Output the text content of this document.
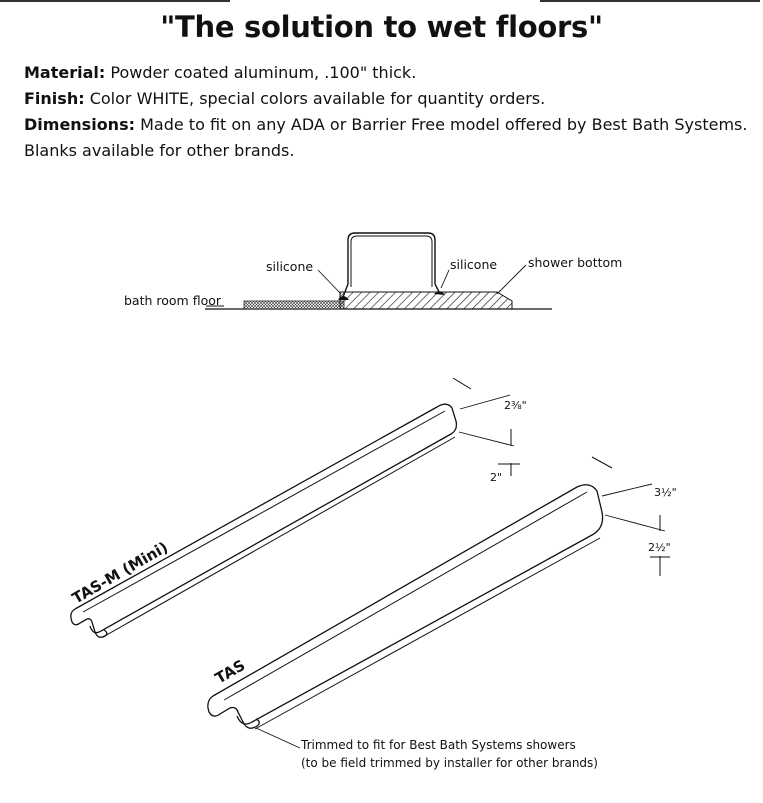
"The solution to wet floors"
Material: Powder coated aluminum, .100" thick.
Finish: Color WHITE, special colors available for quantity orders.
Dimensions: Made to fit on any ADA or Barrier Free model offered by Best Bath Systems.
Blanks available for other brands.
silicone	silicone shower bottom
bath room floor
TAS-M (Mini)
2⅜"
2"
TAS
3½"
2½"
Trimmed to fit for Best Bath Systems showers
(to be field trimmed by installer for other brands)
